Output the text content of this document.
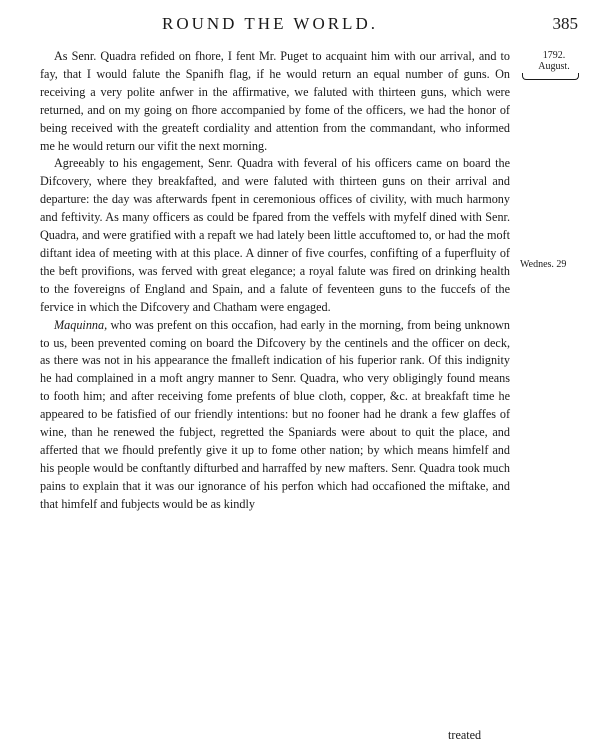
ROUND THE WORLD.	385
1792.
August.
Wednes. 29

As Senr. Quadra refided on fhore, I fent Mr. Puget to acquaint him with our arrival, and to fay, that I would falute the Spanifh flag, if he would return an equal number of guns. On receiving a very polite anfwer in the affirmative, we faluted with thirteen guns, which were returned, and on my going on fhore accompanied by fome of the officers, we had the honor of being received with the greateft cordiality and attention from the commandant, who informed me he would return our vifit the next morning.

Agreeably to his engagement, Senr. Quadra with feveral of his officers came on board the Difcovery, where they breakfafted, and were faluted with thirteen guns on their arrival and departure: the day was afterwards fpent in ceremonious offices of civility, with much harmony and feftivity. As many officers as could be fpared from the veffels with myfelf dined with Senr. Quadra, and were gratified with a repaft we had lately been little accuftomed to, or had the moft diftant idea of meeting with at this place. A dinner of five courfes, confifting of a fuperfluity of the beft provifions, was ferved with great elegance; a royal falute was fired on drinking health to the fovereigns of England and Spain, and a falute of feventeen guns to the fuccefs of the fervice in which the Difcovery and Chatham were engaged.

Maquinna, who was prefent on this occafion, had early in the morning, from being unknown to us, been prevented coming on board the Difcovery by the centinels and the officer on deck, as there was not in his appearance the fmalleft indication of his fuperior rank. Of this indignity he had complained in a moft angry manner to Senr. Quadra, who very obligingly found means to footh him; and after receiving fome prefents of blue cloth, copper, &c. at breakfaft time he appeared to be fatisfied of our friendly intentions: but no fooner had he drank a few glaffes of wine, than he renewed the fubject, regretted the Spaniards were about to quit the place, and afferted that we fhould prefently give it up to fome other nation; by which means himfelf and his people would be conftantly difturbed and harraffed by new mafters. Senr. Quadra took much pains to explain that it was our ignorance of his perfon which had occafioned the miftake, and that himfelf and fubjects would be as kindly

treated
